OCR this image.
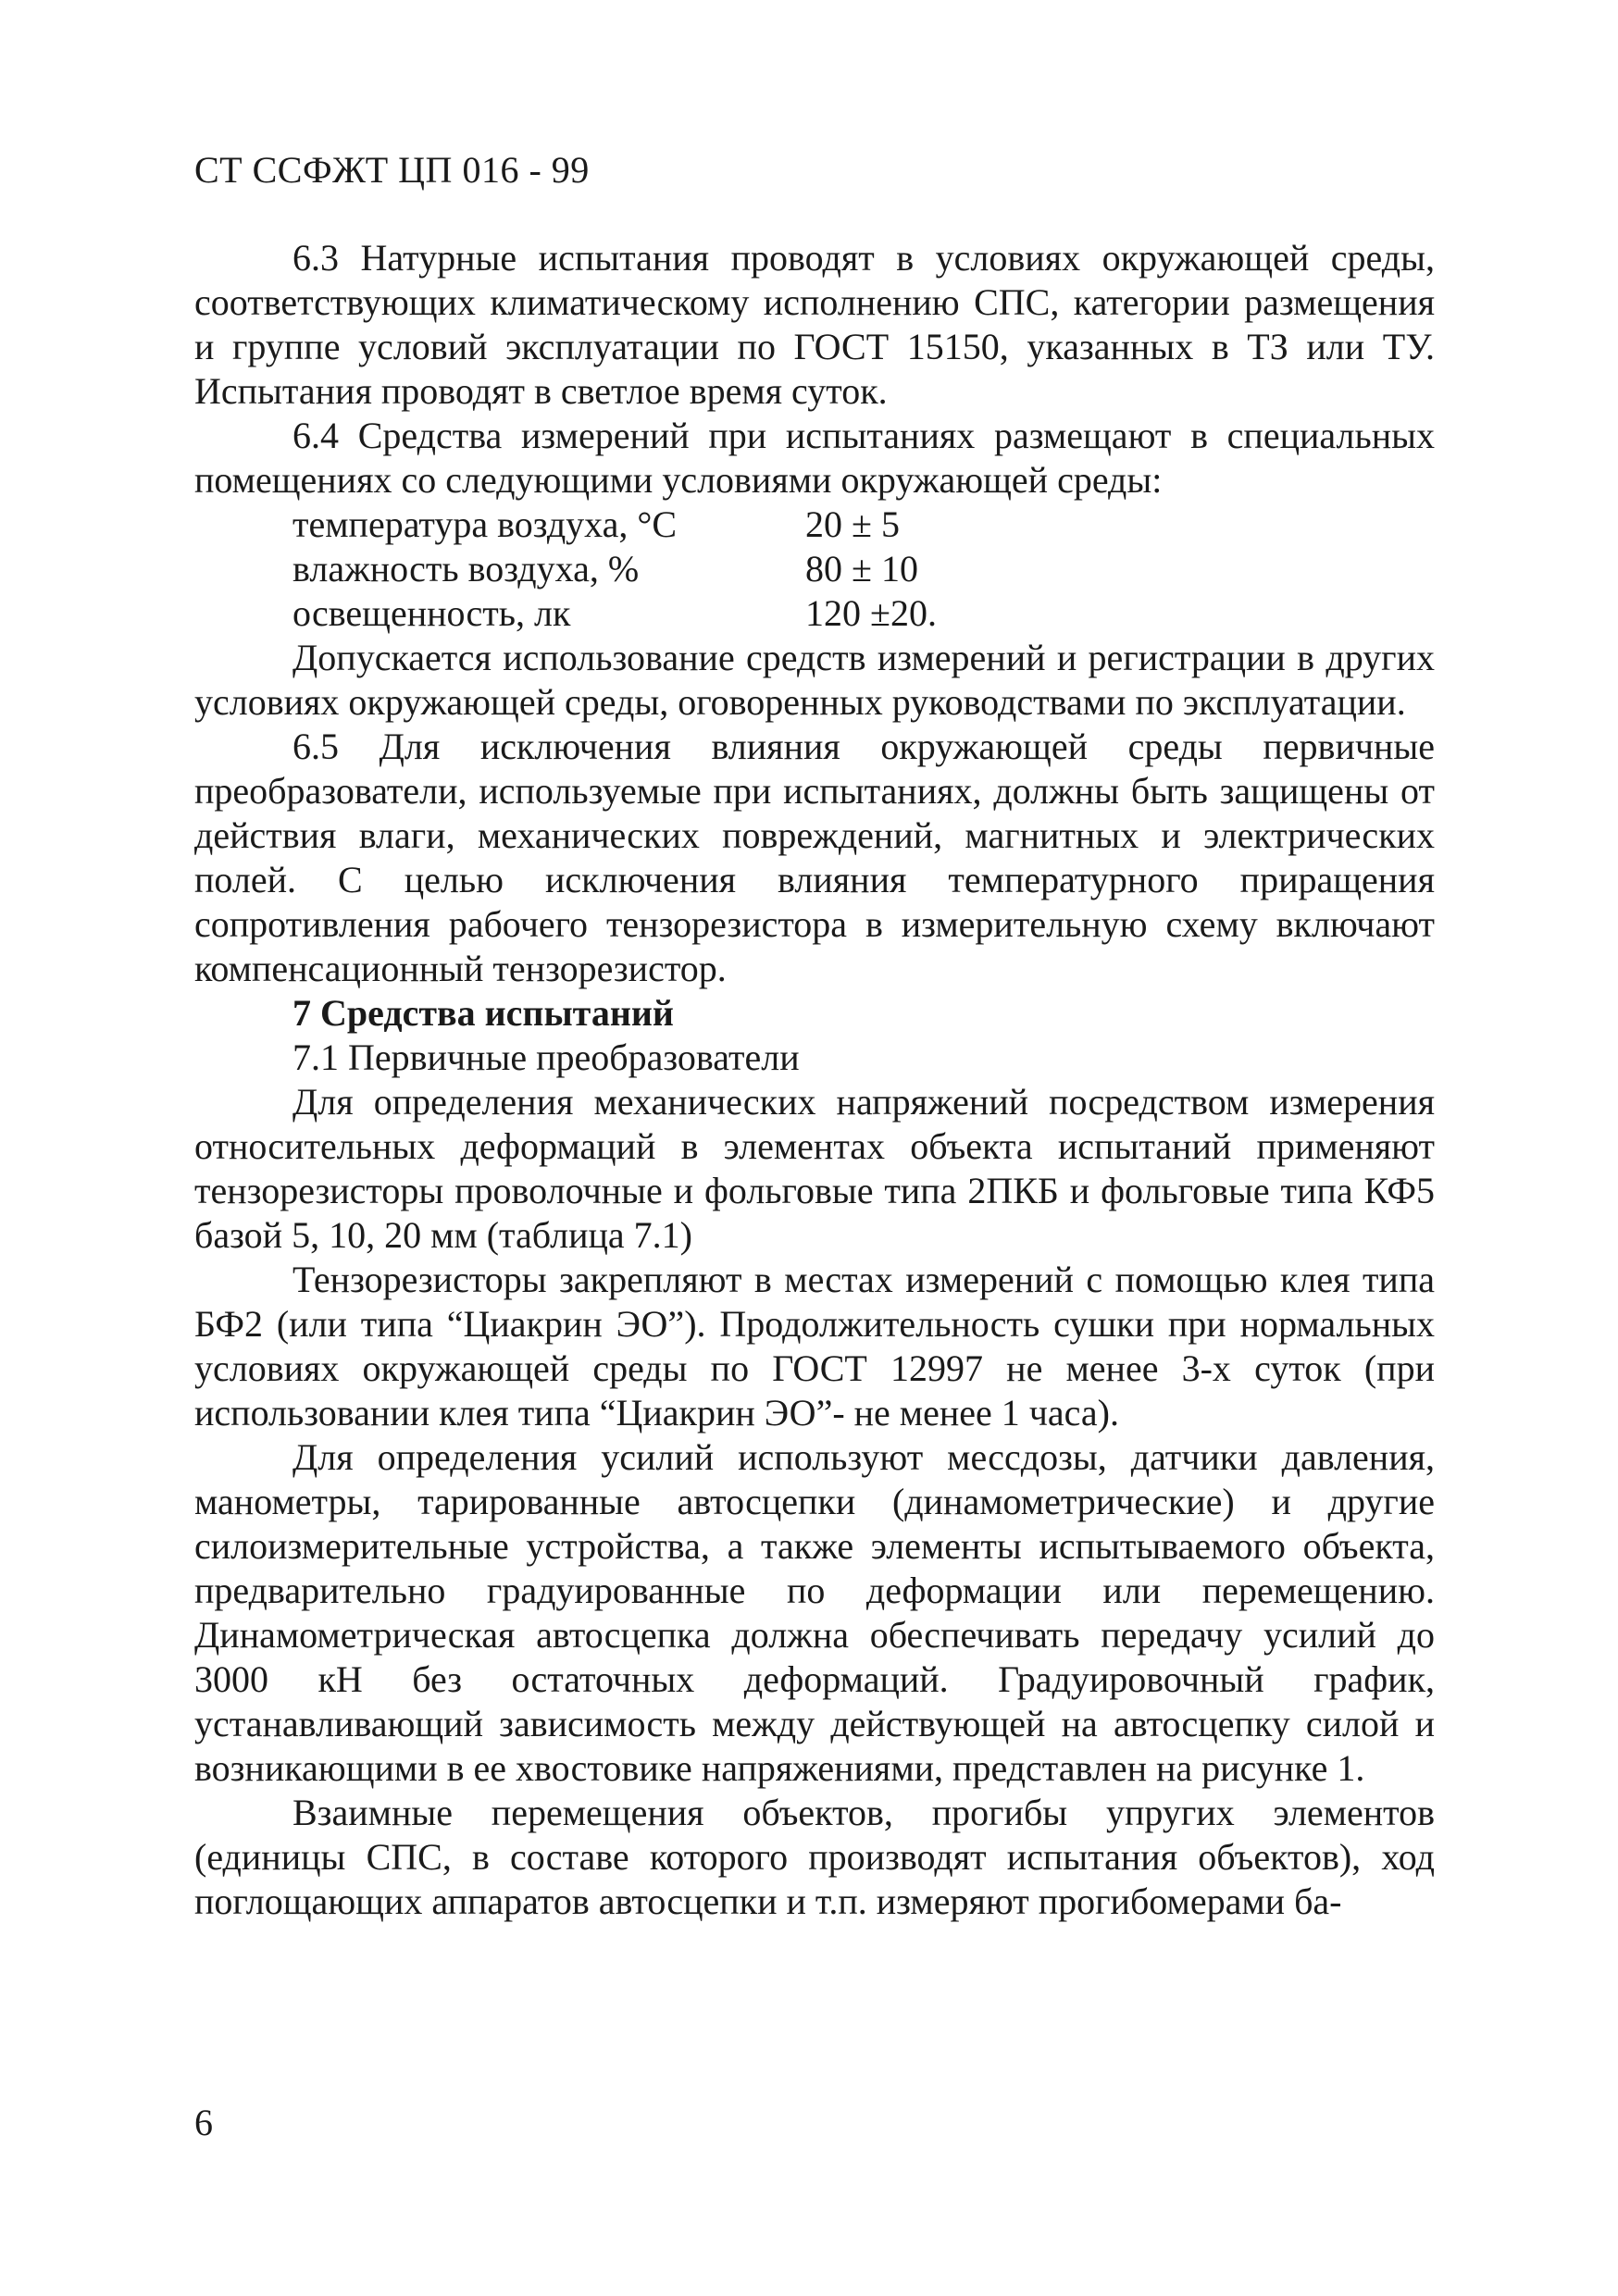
СТ ССФЖТ ЦП 016 - 99

6.3 Натурные испытания проводят в условиях окружающей среды, соответствующих климатическому исполнению СПС, категории размещения и группе условий эксплуатации по ГОСТ 15150, указанных в ТЗ или ТУ. Испытания проводят в светлое время суток.

6.4 Средства измерений при испытаниях размещают в специальных помещениях со следующими условиями окружающей среды:

температура воздуха, °С	20 ± 5
влажность воздуха, %	80 ± 10
освещенность, лк	120 ±20.

Допускается использование средств измерений и регистрации в других условиях окружающей среды, оговоренных руководствами по эксплуатации.

6.5 Для исключения влияния окружающей среды первичные преобразователи, используемые при испытаниях, должны быть защищены от действия влаги, механических повреждений, магнитных и электрических полей. С целью исключения влияния температурного приращения сопротивления рабочего тензорезистора в измерительную схему включают компенсационный тензорезистор.

7 Средства испытаний

7.1 Первичные преобразователи

Для определения механических напряжений посредством измерения относительных деформаций в элементах объекта испытаний применяют тензорезисторы проволочные и фольговые типа 2ПКБ и фольговые типа КФ5 базой 5, 10, 20 мм (таблица 7.1)

Тензорезисторы закрепляют в местах измерений с помощью клея типа БФ2 (или типа “Циакрин ЭО”). Продолжительность сушки при нормальных условиях окружающей среды по ГОСТ 12997 не менее 3-х суток (при использовании клея типа “Циакрин ЭО”- не менее 1 часа).

Для определения усилий используют мессдозы, датчики давления, манометры, тарированные автосцепки (динамометрические) и другие силоизмерительные устройства, а также элементы испытываемого объекта, предварительно градуированные по деформации или перемещению. Динамометрическая автосцепка должна обеспечивать передачу усилий до 3000 кН без остаточных деформаций. Градуировочный график, устанавливающий зависимость между действующей на автосцепку силой и возникающими в ее хвостовике напряжениями, представлен на рисунке 1.

Взаимные перемещения объектов, прогибы упругих элементов (единицы СПС, в составе которого производят испытания объектов), ход поглощающих аппаратов автосцепки и т.п. измеряют прогибомерами ба-

6
